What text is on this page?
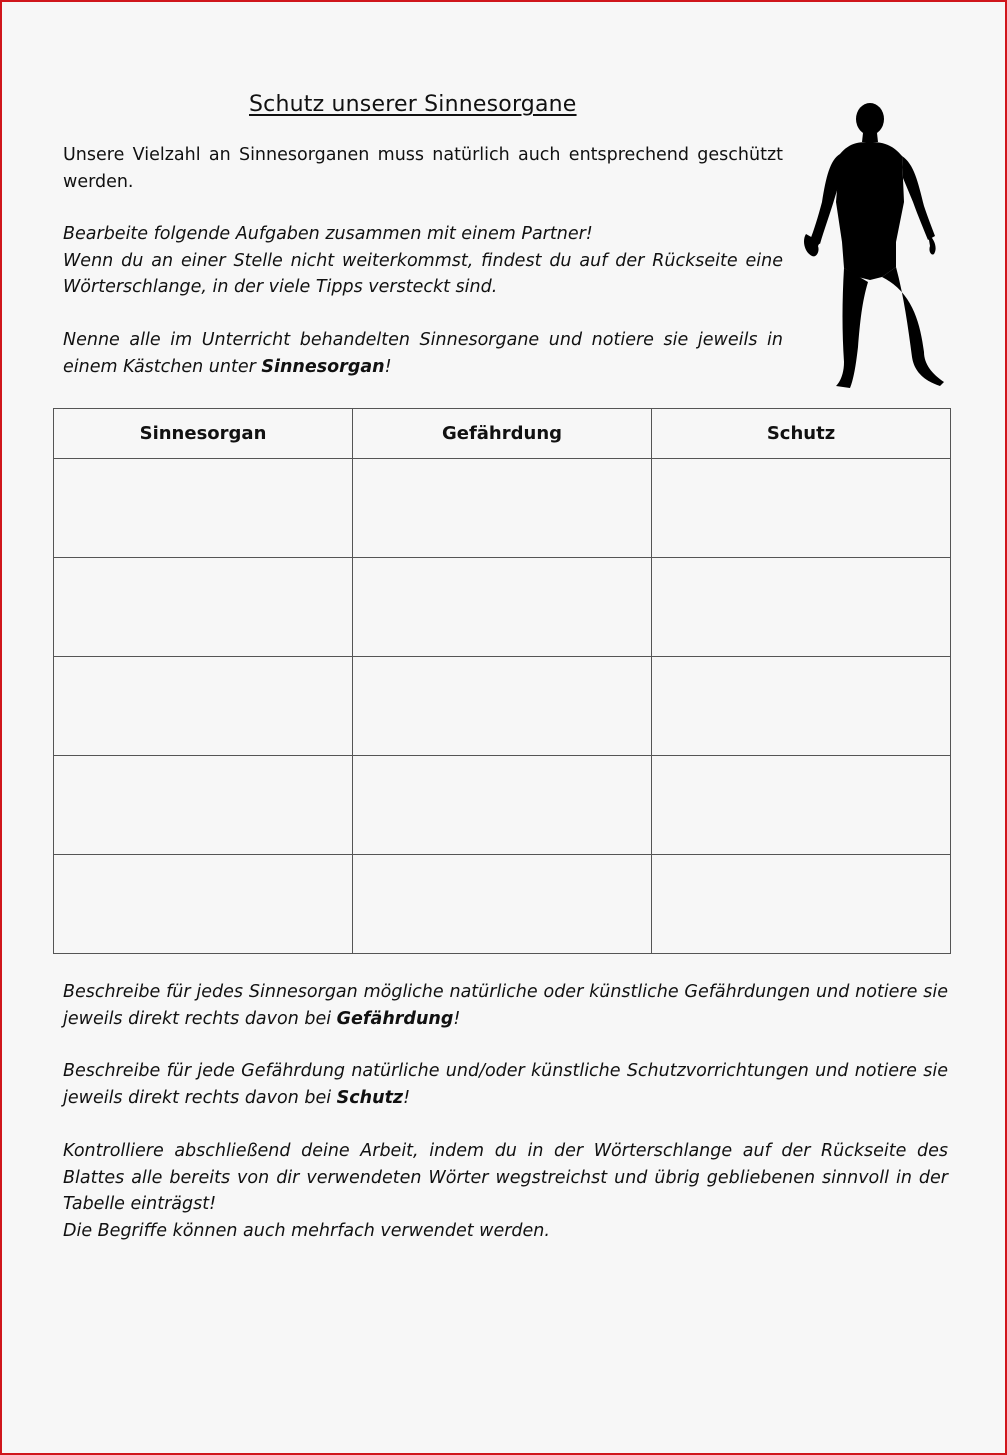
Schutz unserer Sinnesorgane

Unsere Vielzahl an Sinnesorganen muss natürlich auch entsprechend geschützt werden.

Bearbeite folgende Aufgaben zusammen mit einem Partner!
Wenn du an einer Stelle nicht weiterkommst, findest du auf der Rückseite eine Wörterschlange, in der viele Tipps versteckt sind.

Nenne alle im Unterricht behandelten Sinnesorgane und notiere sie jeweils in einem Kästchen unter Sinnesorgan!

Sinnesorgan	Gefährdung	Schutz

Beschreibe für jedes Sinnesorgan mögliche natürliche oder künstliche Gefährdungen und notiere sie jeweils direkt rechts davon bei Gefährdung!

Beschreibe für jede Gefährdung natürliche und/oder künstliche Schutzvorrichtungen und notiere sie jeweils direkt rechts davon bei Schutz!

Kontrolliere abschließend deine Arbeit, indem du in der Wörterschlange auf der Rückseite des Blattes alle bereits von dir verwendeten Wörter wegstreichst und übrig gebliebenen sinnvoll in der Tabelle einträgst!
Die Begriffe können auch mehrfach verwendet werden.
